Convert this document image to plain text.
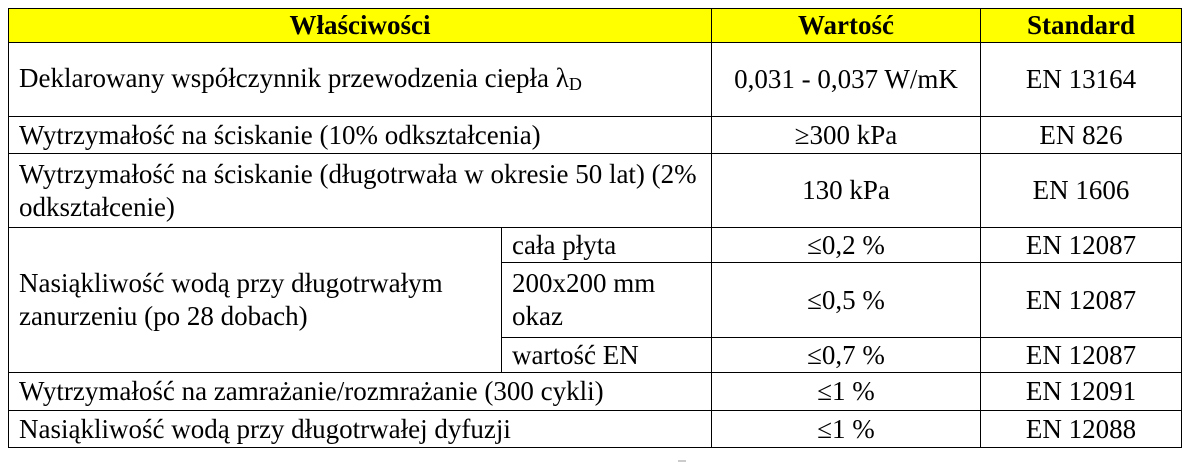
Właściwości		Wartość	Standard
Deklarowany współczynnik przewodzenia ciepła $\lambda_D$		0,031 - 0,037 W/mK	EN 13164
Wytrzymałość na ściskanie (10% odkształcenia)		≥300 kPa	EN 826
Wytrzymałość na ściskanie (długotrwała w okresie 50 lat) (2% odkształcenie)		130 kPa	EN 1606
Nasiąkliwość wodą przy długotrwałym zanurzeniu (po 28 dobach)	cała płyta	≤0,2 %	EN 12087
	200x200 mm okaz	≤0,5 %	EN 12087
	wartość EN	≤0,7 %	EN 12087
Wytrzymałość na zamrażanie/rozmrażanie (300 cykli)		≤1 %	EN 12091
Nasiąkliwość wodą przy długotrwałej dyfuzji		≤1 %	EN 12088
